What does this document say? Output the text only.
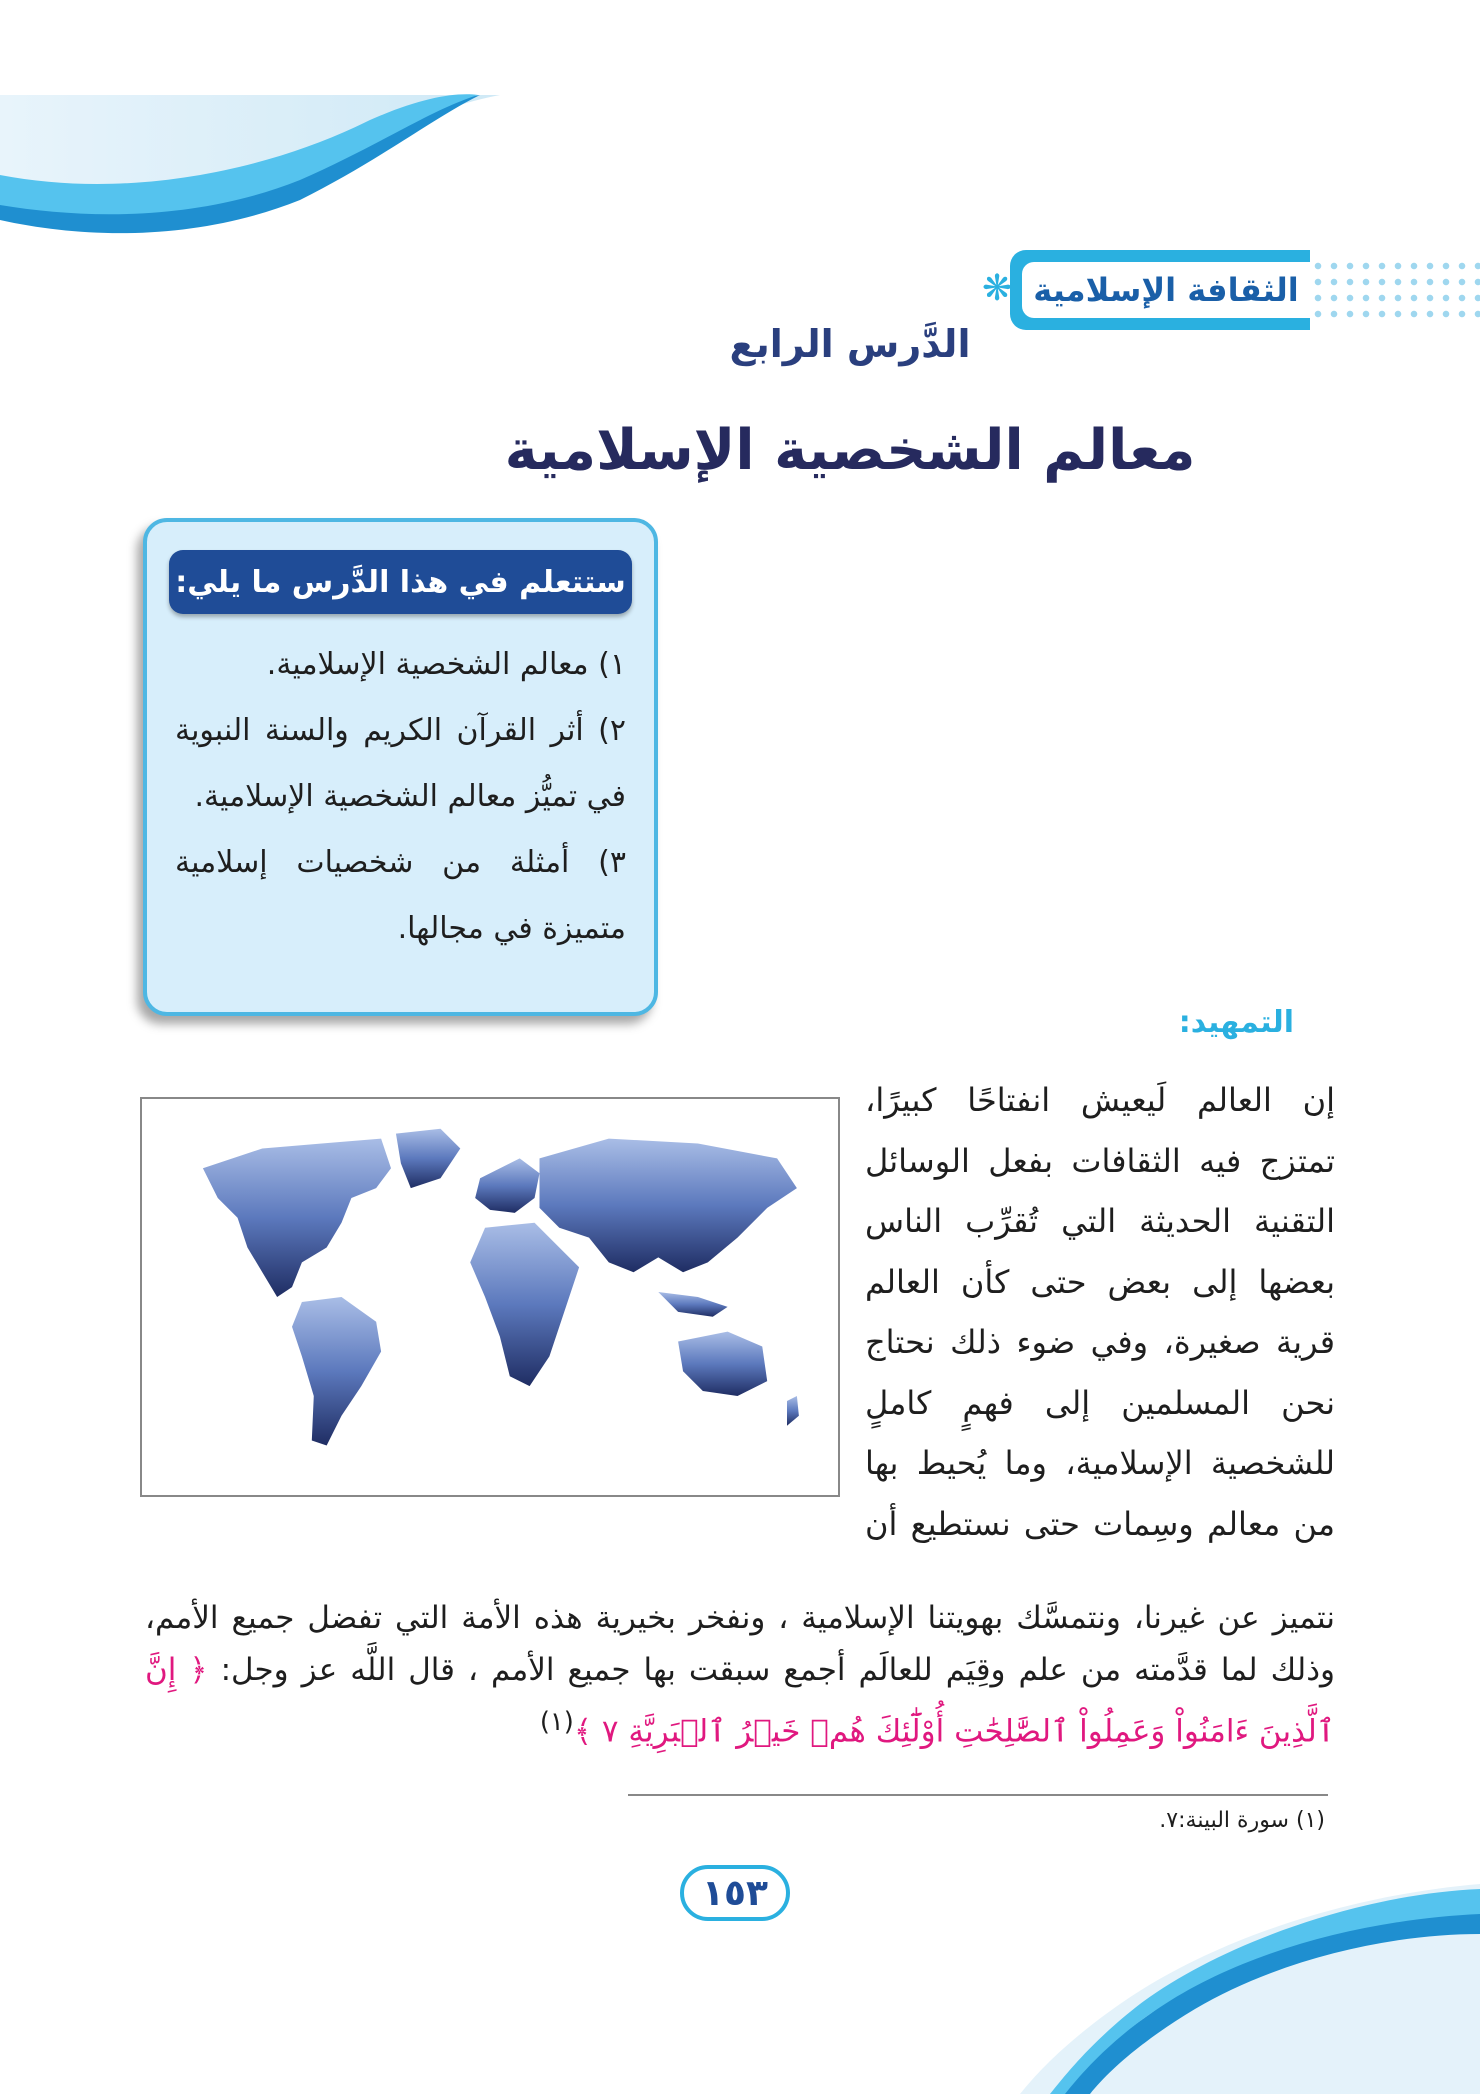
الثقافة الإسلامية
❋
الدَّرس الرابع
معالم الشخصية الإسلامية
ستتعلم في هذا الدَّرس ما يلي:
١) معالم الشخصية الإسلامية.
٢) أثر القرآن الكريم والسنة النبوية في تميُّز معالم الشخصية الإسلامية.
٣) أمثلة من شخصيات إسلامية متميزة في مجالها.
التمهيد:

إن العالم لَيعيش انفتاحًا كبيرًا،

تمتزج فيه الثقافات بفعل الوسائل

التقنية الحديثة التي تُقرِّب الناس

بعضها إلى بعض حتى كأن العالم

قرية صغيرة، وفي ضوء ذلك نحتاج

نحن المسلمين إلى فهمٍ كاملٍ

للشخصية الإسلامية، وما يُحيط بها

من معالم وسِمات حتى نستطيع أن

نتميز عن غيرنا، ونتمسَّك بهويتنا الإسلامية ، ونفخر بخيرية هذه الأمة التي تفضل جميع الأمم، وذلك لما قدَّمته من علم وقِيَم للعالَم أجمع سبقت بها جميع الأمم ، قال اللَّه عز وجل: ﴿ إِنَّ ٱلَّذِينَ ءَامَنُواْ وَعَمِلُواْ ٱلصَّٰلِحَٰتِ أُوْلَٰٓئِكَ هُمۡ خَيۡرُ ٱلۡبَرِيَّةِ ٧ ﴾$^{(١)}$
(١) سورة البينة:٧.
١٥٣
